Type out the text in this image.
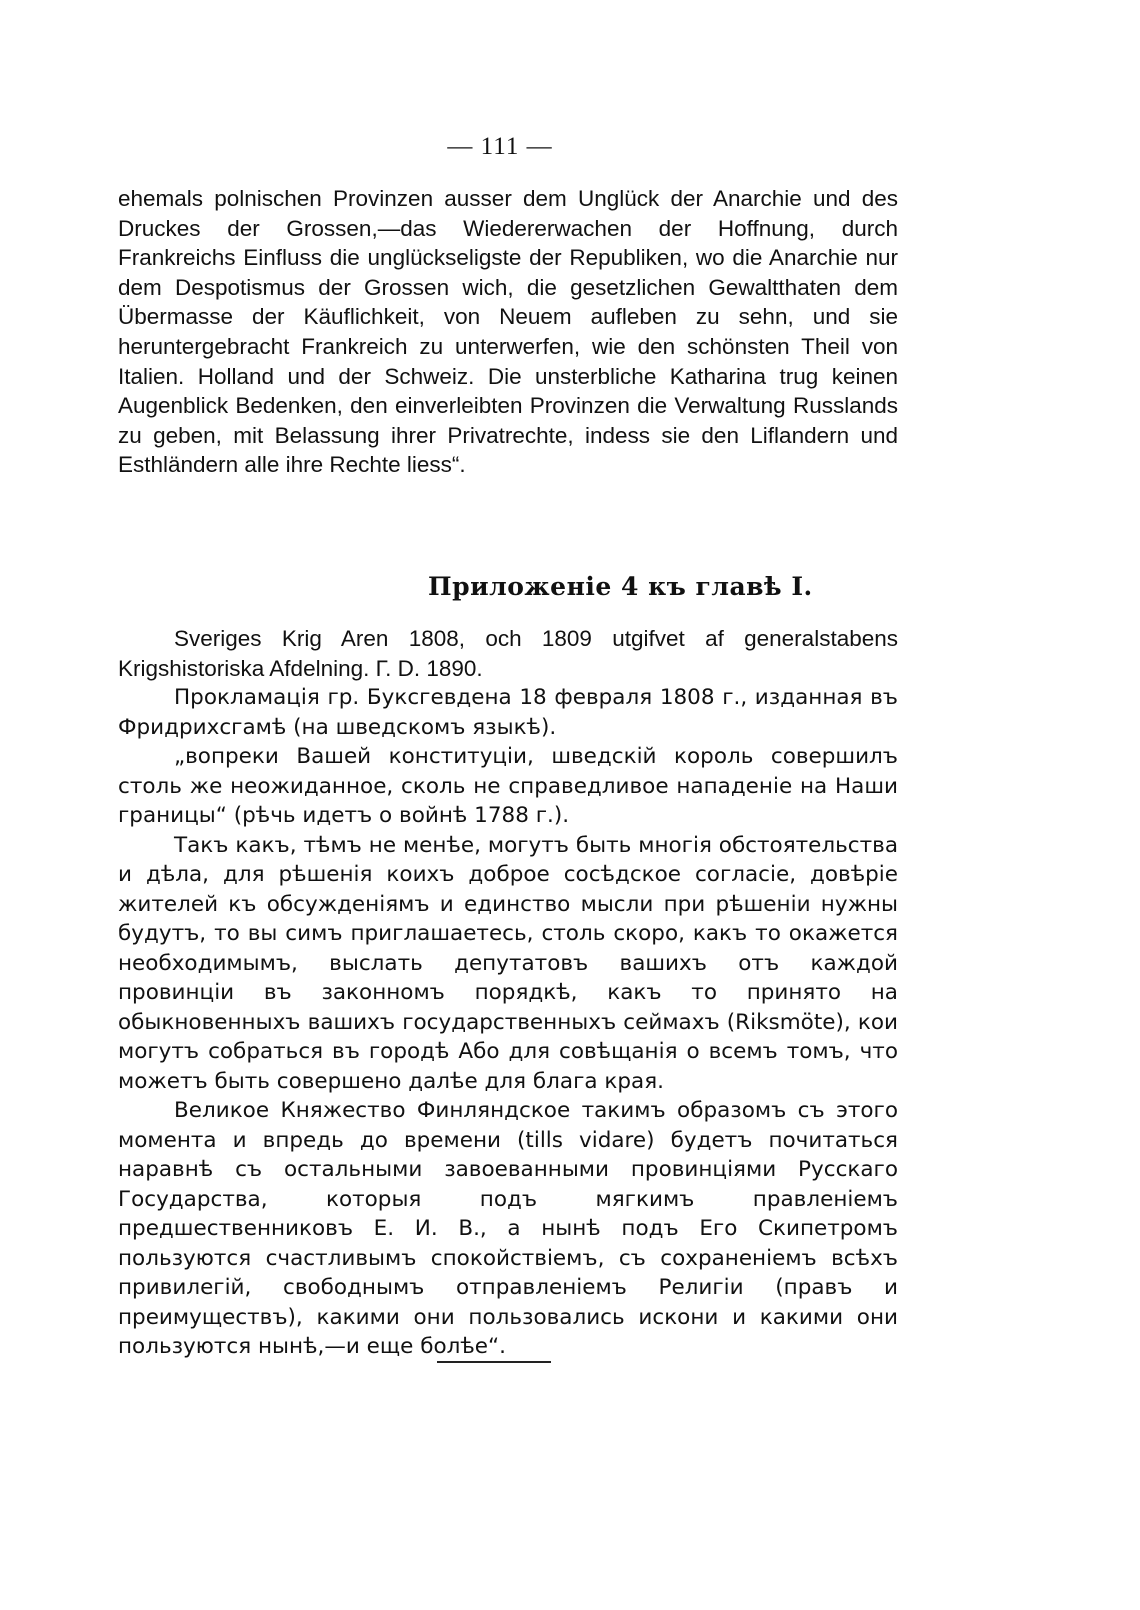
— 111 —

ehemals polnischen Provinzen ausser dem Unglück der Anarchie und des Druckes der Grossen,—das Wiedererwachen der Hoffnung, durch Frankreichs Einfluss die unglückseligste der Republiken, wo die Anarchie nur dem Despotismus der Grossen wich, die gesetzlichen Gewaltthaten dem Übermasse der Käuflichkeit, von Neuem aufleben zu sehn, und sie heruntergebracht Frankreich zu unterwerfen, wie den schönsten Theil von Italien. Holland und der Schweiz. Die unsterbliche Katharina trug keinen Augenblick Bedenken, den einverleibten Provinzen die Verwaltung Russlands zu geben, mit Belassung ihrer Privatrechte, indess sie den Liflandern und Esthländern alle ihre Rechte liess“.

Приложеніе 4 къ главѣ I.

Sveriges Krig Aren 1808, och 1809 utgifvet af generalstabens Krigshistoriska Afdelning. Г. D. 1890.

Прокламація гр. Буксгевдена 18 февраля 1808 г., изданная въ Фридрихсгамѣ (на шведскомъ языкѣ).

„вопреки Вашей конституціи, шведскій король совершилъ столь же неожиданное, сколь не справедливое нападеніе на Наши границы“ (рѣчь идетъ о войнѣ 1788 г.).

Такъ какъ, тѣмъ не менѣе, могутъ быть многія обстоятельства и дѣла, для рѣшенія коихъ доброе сосѣдское согласіе, довѣріе жителей къ обсужденіямъ и единство мысли при рѣшеніи нужны будутъ, то вы симъ приглашаетесь, столь скоро, какъ то окажется необходимымъ, выслать депутатовъ вашихъ отъ каждой провинціи въ законномъ порядкѣ, какъ то принято на обыкновенныхъ вашихъ государственныхъ сеймахъ (Riksmöte), кои могутъ собраться въ городѣ Або для совѣщанія о всемъ томъ, что можетъ быть совершено далѣе для блага края.

Великое Княжество Финляндское такимъ образомъ съ этого момента и впредь до времени (tills vidare) будетъ почитаться наравнѣ съ остальными завоеванными провинціями Русскаго Государства, которыя подъ мягкимъ правленіемъ предшественниковъ Е. И. В., а нынѣ подъ Его Скипетромъ пользуются счастливымъ спокойствіемъ, съ сохраненіемъ всѣхъ привилегій, свободнымъ отправленіемъ Религіи (правъ и преимуществъ), какими они пользовались искони и какими они пользуются нынѣ,—и еще болѣе“.
